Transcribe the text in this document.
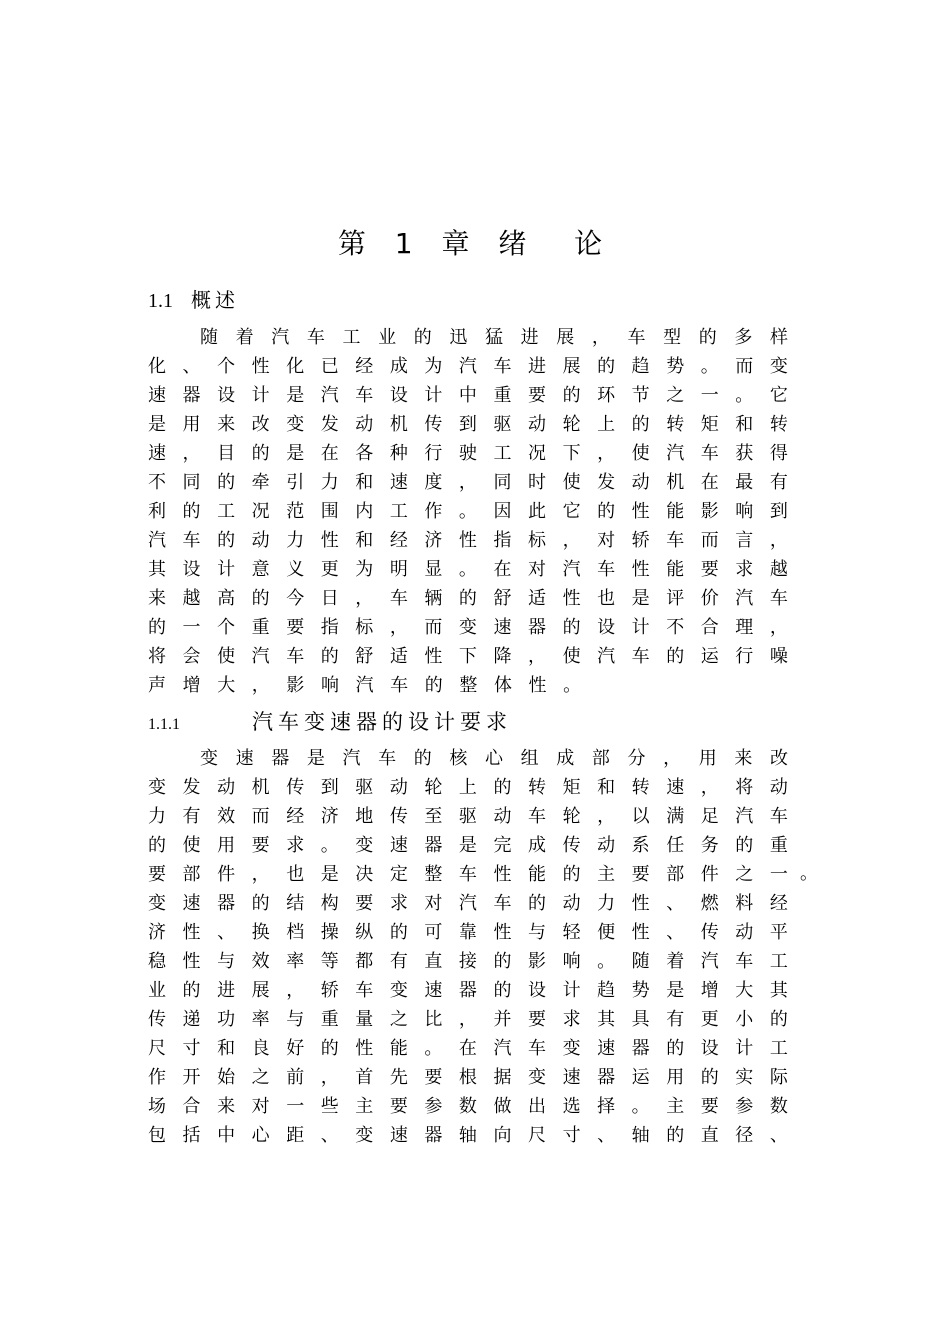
第 1 章 绪  论
1.1 概述
随 着 汽 车 工 业 的 迅 猛 进 展 ， 车 型 的 多 样
化 、 个 性 化 已 经 成 为 汽 车 进 展 的 趋 势 。 而 变
速 器 设 计 是 汽 车 设 计 中 重 要 的 环 节 之 一 。 它
是 用 来 改 变 发 动 机 传 到 驱 动 轮 上 的 转 矩 和 转
速 ， 目 的 是 在 各 种 行 驶 工 况 下 ， 使 汽 车 获 得
不 同 的 牵 引 力 和 速 度 ， 同 时 使 发 动 机 在 最 有
利 的 工 况 范 围 内 工 作 。 因 此 它 的 性 能 影 响 到
汽 车 的 动 力 性 和 经 济 性 指 标 ， 对 轿 车 而 言 ，
其 设 计 意 义 更 为 明 显 。 在 对 汽 车 性 能 要 求 越
来 越 高 的 今 日 ， 车 辆 的 舒 适 性 也 是 评 价 汽 车
的 一 个 重 要 指 标 ， 而 变 速 器 的 设 计 不 合 理 ，
将 会 使 汽 车 的 舒 适 性 下 降 ， 使 汽 车 的 运 行 噪
声 增 大 ， 影 响 汽 车 的 整 体 性 。
1.1.1	汽车变速器的设计要求
变 速 器 是 汽 车 的 核 心 组 成 部 分 ， 用 来 改
变 发 动 机 传 到 驱 动 轮 上 的 转 矩 和 转 速 ， 将 动
力 有 效 而 经 济 地 传 至 驱 动 车 轮 ， 以 满 足 汽 车
的 使 用 要 求 。 变 速 器 是 完 成 传 动 系 任 务 的 重
要 部 件 ， 也 是 决 定 整 车 性 能 的 主 要 部 件 之 一
变 速 器 的 结 构 要 求 对 汽 车 的 动 力 性 、 燃 料 经
济 性 、 换 档 操 纵 的 可 靠 性 与 轻 便 性 、 传 动 平
稳 性 与 效 率 等 都 有 直 接 的 影 响 。 随 着 汽 车 工
业 的 进 展 ， 轿 车 变 速 器 的 设 计 趋 势 是 增 大 其
传 递 功 率 与 重 量 之 比 ， 并 要 求 其 具 有 更 小 的
尺 寸 和 良 好 的 性 能 。 在 汽 车 变 速 器 的 设 计 工
作 开 始 之 前 ， 首 先 要 根 据 变 速 器 运 用 的 实 际
场 合 来 对 一 些 主 要 参 数 做 出 选 择 。 主 要 参 数
包 括 中 心 距 、 变 速 器 轴 向 尺 寸 、 轴 的 直 径 、
。
